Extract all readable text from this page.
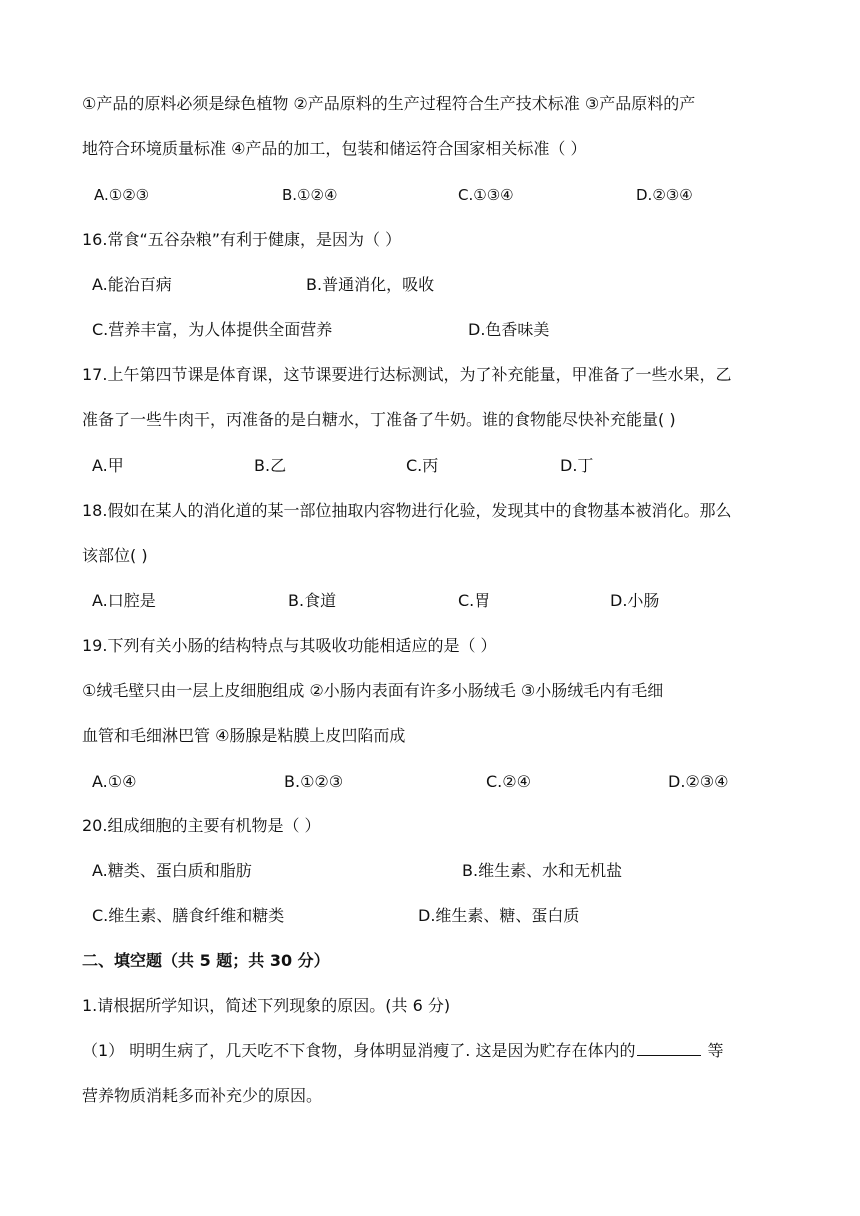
①产品的原料必须是绿色植物 ②产品原料的生产过程符合生产技术标准 ③产品原料的产
地符合环境质量标准 ④产品的加工，包装和储运符合国家相关标准（ ）
A.①②③	B.①②④	C.①③④	D.②③④
16.常食“五谷杂粮”有利于健康，是因为（ ）
A.能治百病	B.普通消化，吸收
C.营养丰富，为人体提供全面营养	D.色香味美
17.上午第四节课是体育课，这节课要进行达标测试，为了补充能量，甲准备了一些水果，乙
准备了一些牛肉干，丙准备的是白糖水，丁准备了牛奶。谁的食物能尽快补充能量( )
A.甲	B.乙	C.丙	D.丁
18.假如在某人的消化道的某一部位抽取内容物进行化验，发现其中的食物基本被消化。那么
该部位( )
A.口腔是	B.食道	C.胃	D.小肠
19.下列有关小肠的结构特点与其吸收功能相适应的是（ ）
①绒毛壁只由一层上皮细胞组成 ②小肠内表面有许多小肠绒毛 ③小肠绒毛内有毛细
血管和毛细淋巴管 ④肠腺是粘膜上皮凹陷而成
A.①④	B.①②③	C.②④	D.②③④
20.组成细胞的主要有机物是（ ）
A.糖类、蛋白质和脂肪	B.维生素、水和无机盐
C.维生素、膳食纤维和糖类	D.维生素、糖、蛋白质
二、填空题（共 5 题；共 30 分）
1.请根据所学知识，简述下列现象的原因。(共 6 分)
（1） 明明生病了，几天吃不下食物，身体明显消瘦了. 这是因为贮存在体内的	等
营养物质消耗多而补充少的原因。
